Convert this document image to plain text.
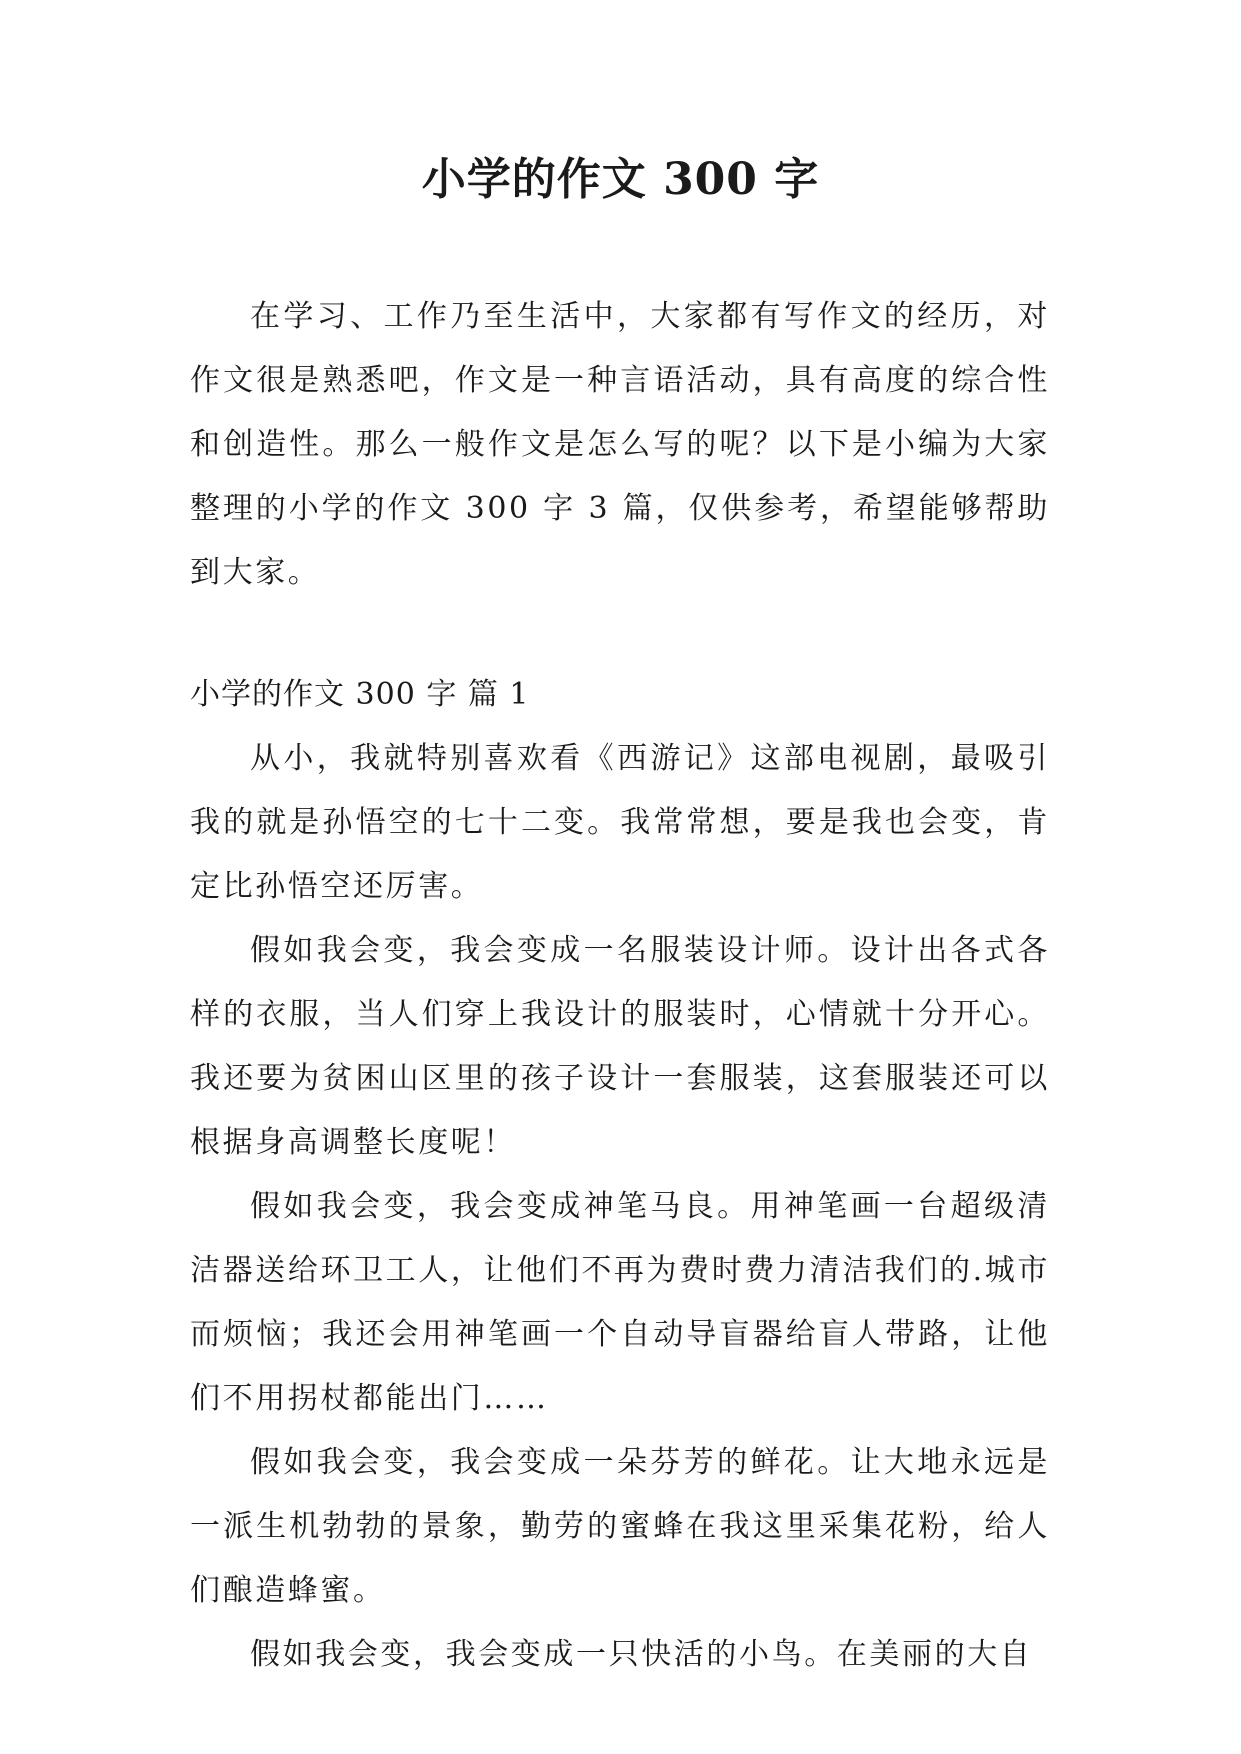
小学的作文 300 字

在学习、工作乃至生活中，大家都有写作文的经历，对作文很是熟悉吧，作文是一种言语活动，具有高度的综合性和创造性。那么一般作文是怎么写的呢？以下是小编为大家整理的小学的作文 300 字 3 篇，仅供参考，希望能够帮助到大家。

小学的作文 300 字 篇 1

从小，我就特别喜欢看《西游记》这部电视剧，最吸引我的就是孙悟空的七十二变。我常常想，要是我也会变，肯定比孙悟空还厉害。

假如我会变，我会变成一名服装设计师。设计出各式各样的衣服，当人们穿上我设计的服装时，心情就十分开心。我还要为贫困山区里的孩子设计一套服装，这套服装还可以根据身高调整长度呢！

假如我会变，我会变成神笔马良。用神笔画一台超级清洁器送给环卫工人，让他们不再为费时费力清洁我们的.城市而烦恼；我还会用神笔画一个自动导盲器给盲人带路，让他们不用拐杖都能出门……

假如我会变，我会变成一朵芬芳的鲜花。让大地永远是一派生机勃勃的景象，勤劳的蜜蜂在我这里采集花粉，给人们酿造蜂蜜。

假如我会变，我会变成一只快活的小鸟。在美丽的大自
